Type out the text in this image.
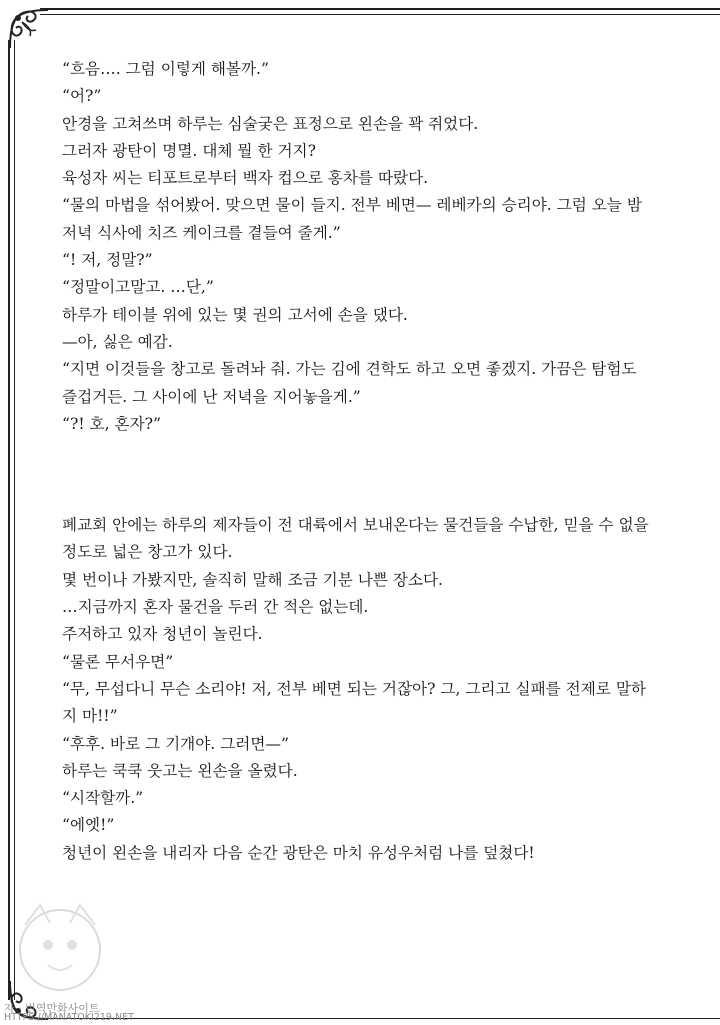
“흐음…. 그럼 이렇게 해볼까.”

“어?”

안경을 고쳐쓰며 하루는 심술궂은 표정으로 왼손을 꽉 쥐었다.

그러자 광탄이 명멸. 대체 뭘 한 거지?

육성자 씨는 티포트로부터 백자 컵으로 홍차를 따랐다.

“물의 마법을 섞어봤어. 맞으면 물이 들지. 전부 베면— 레베카의 승리야. 그럼 오늘 밤

저녁 식사에 치즈 케이크를 곁들여 줄게.”

“! 저, 정말?”

“정말이고말고. …단,”

하루가 테이블 위에 있는 몇 권의 고서에 손을 댔다.

—아, 싫은 예감.

“지면 이것들을 창고로 돌려놔 줘. 가는 김에 견학도 하고 오면 좋겠지. 가끔은 탐험도

즐겁거든. 그 사이에 난 저녁을 지어놓을게.”

“?! 호, 혼자?”

폐교회 안에는 하루의 제자들이 전 대륙에서 보내온다는 물건들을 수납한, 믿을 수 없을

정도로 넓은 창고가 있다.

몇 번이나 가봤지만, 솔직히 말해 조금 기분 나쁜 장소다.

…지금까지 혼자 물건을 두러 간 적은 없는데.

주저하고 있자 청년이 놀린다.

“물론 무서우면”

“무, 무섭다니 무슨 소리야! 저, 전부 베면 되는 거잖아? 그, 그리고 실패를 전제로 말하

지 마!!”

“후후. 바로 그 기개야. 그러면—”

하루는 쿡쿡 웃고는 왼손을 올렸다.

“시작할까.”

“에엣!”

청년이 왼손을 내리자 다음 순간 광탄은 마치 유성우처럼 나를 덮쳤다!

자 · 번역만화사이트
HTTPS://MANATOKI219.NET
